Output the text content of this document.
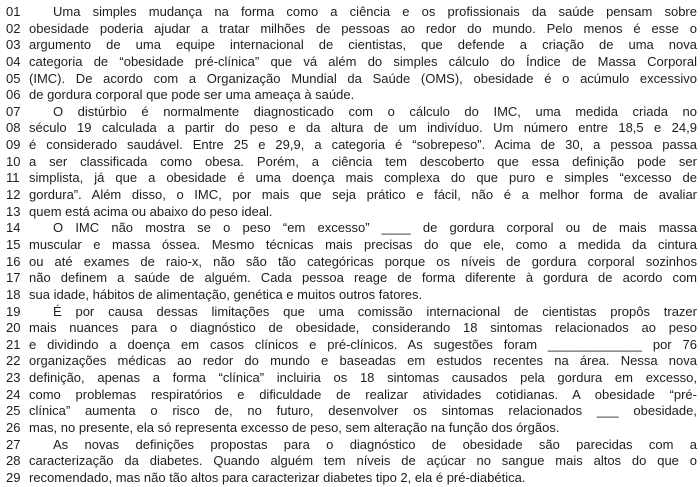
01	Uma simples mudança na forma como a ciência e os profissionais da saúde pensam sobre
02 obesidade poderia ajudar a tratar milhões de pessoas ao redor do mundo. Pelo menos é esse o
03 argumento de uma equipe internacional de cientistas, que defende a criação de uma nova
04 categoria de “obesidade pré-clínica” que vá além do simples cálculo do Índice de Massa Corporal
05 (IMC). De acordo com a Organização Mundial da Saúde (OMS), obesidade é o acúmulo excessivo
06 de gordura corporal que pode ser uma ameaça à saúde.
07	O distúrbio é normalmente diagnosticado com o cálculo do IMC, uma medida criada no
08 século 19 calculada a partir do peso e da altura de um indivíduo. Um número entre 18,5 e 24,9
09 é considerado saudável. Entre 25 e 29,9, a categoria é “sobrepeso”. Acima de 30, a pessoa passa
10 a ser classificada como obesa. Porém, a ciência tem descoberto que essa definição pode ser
11 simplista, já que a obesidade é uma doença mais complexa do que puro e simples “excesso de
12 gordura”. Além disso, o IMC, por mais que seja prático e fácil, não é a melhor forma de avaliar
13 quem está acima ou abaixo do peso ideal.
14	O IMC não mostra se o peso “em excesso” ____ de gordura corporal ou de mais massa
15 muscular e massa óssea. Mesmo técnicas mais precisas do que ele, como a medida da cintura
16 ou até exames de raio-x, não são tão categóricas porque os níveis de gordura corporal sozinhos
17 não definem a saúde de alguém. Cada pessoa reage de forma diferente à gordura de acordo com
18 sua idade, hábitos de alimentação, genética e muitos outros fatores.
19	É por causa dessas limitações que uma comissão internacional de cientistas propôs trazer
20 mais nuances para o diagnóstico de obesidade, considerando 18 sintomas relacionados ao peso
21 e dividindo a doença em casos clínicos e pré-clínicos. As sugestões foram _____________ por 76
22 organizações médicas ao redor do mundo e baseadas em estudos recentes na área. Nessa nova
23 definição, apenas a forma “clínica” incluiria os 18 sintomas causados pela gordura em excesso,
24 como problemas respiratórios e dificuldade de realizar atividades cotidianas. A obesidade “pré-
25 clínica” aumenta o risco de, no futuro, desenvolver os sintomas relacionados ___ obesidade,
26 mas, no presente, ela só representa excesso de peso, sem alteração na função dos órgãos.
27	As novas definições propostas para o diagnóstico de obesidade são parecidas com a
28 caracterização da diabetes. Quando alguém tem níveis de açúcar no sangue mais altos do que o
29 recomendado, mas não tão altos para caracterizar diabetes tipo 2, ela é pré-diabética.
